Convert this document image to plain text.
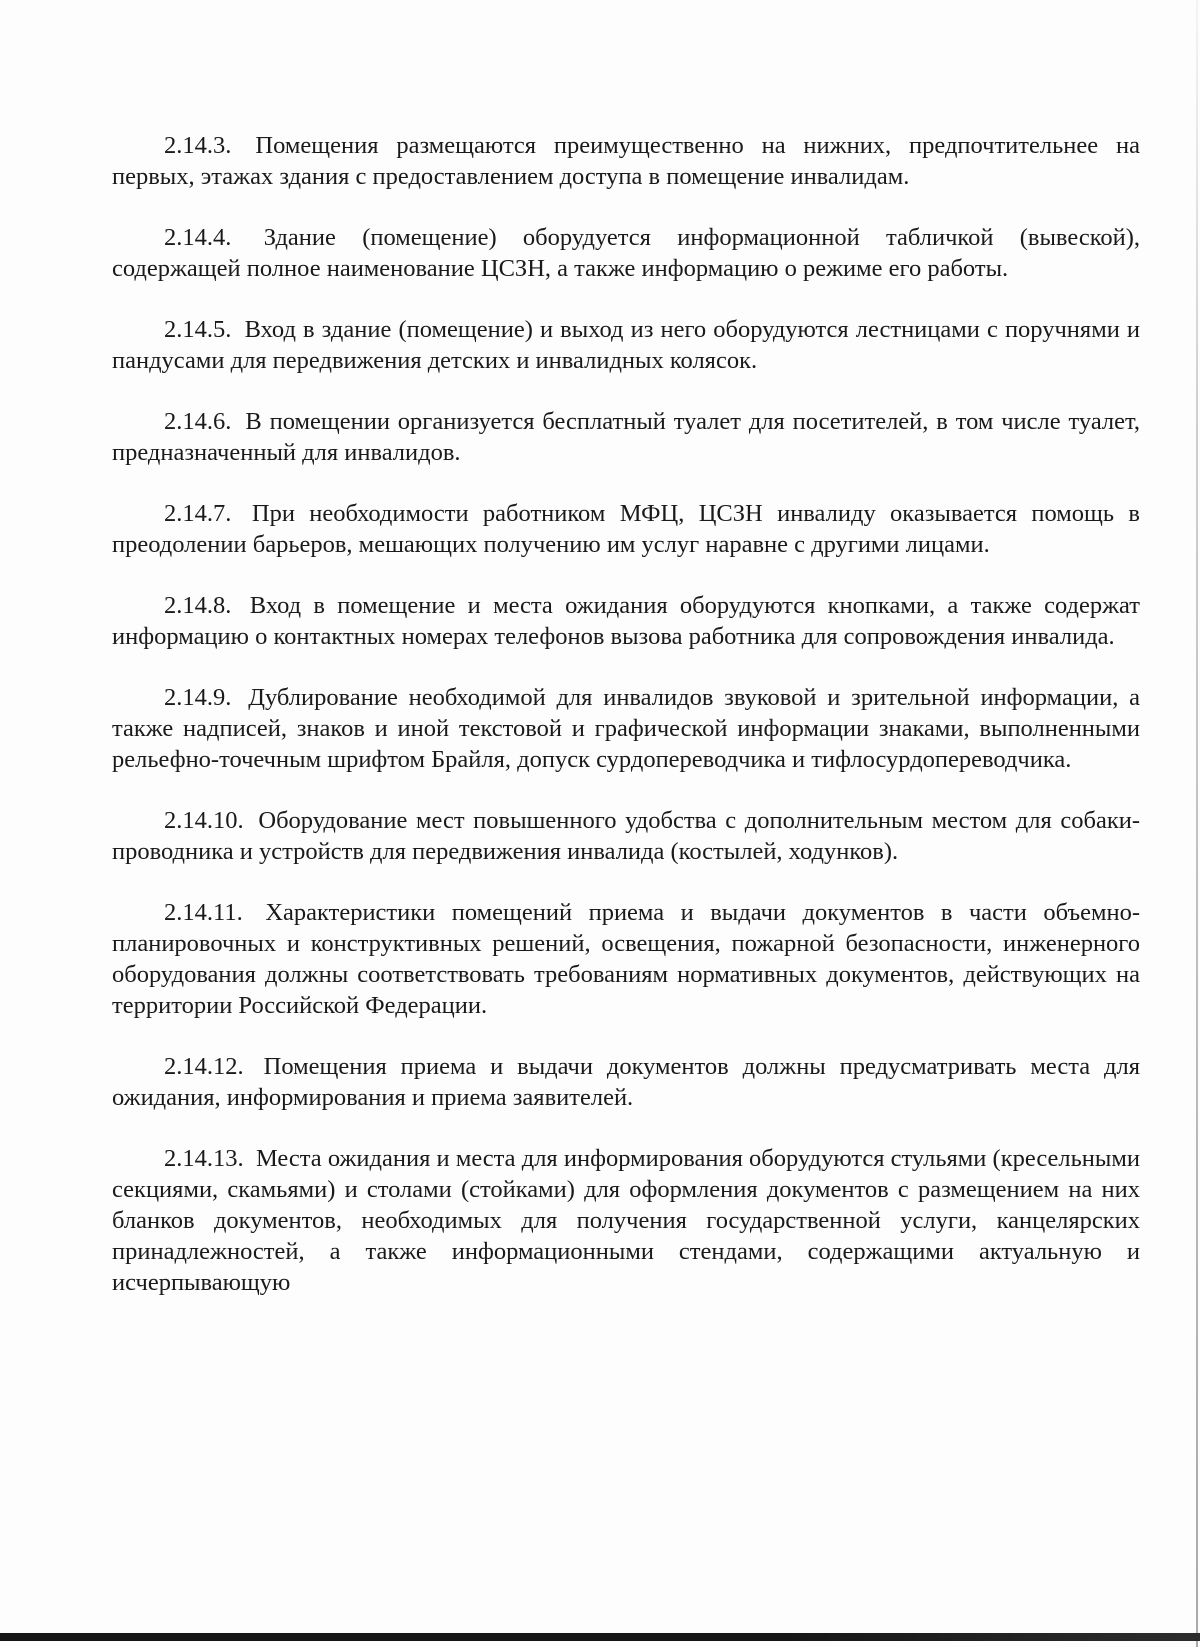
2.14.3. Помещения размещаются преимущественно на нижних, предпочтительнее на первых, этажах здания с предоставлением доступа в помещение инвалидам.

2.14.4. Здание (помещение) оборудуется информационной табличкой (вывеской), содержащей полное наименование ЦСЗН, а также информацию о режиме его работы.

2.14.5. Вход в здание (помещение) и выход из него оборудуются лестницами с поручнями и пандусами для передвижения детских и инвалидных колясок.

2.14.6. В помещении организуется бесплатный туалет для посетителей, в том числе туалет, предназначенный для инвалидов.

2.14.7. При необходимости работником МФЦ, ЦСЗН инвалиду оказывается помощь в преодолении барьеров, мешающих получению им услуг наравне с другими лицами.

2.14.8. Вход в помещение и места ожидания оборудуются кнопками, а также содержат информацию о контактных номерах телефонов вызова работника для сопровождения инвалида.

2.14.9. Дублирование необходимой для инвалидов звуковой и зрительной информации, а также надписей, знаков и иной текстовой и графической информации знаками, выполненными рельефно-точечным шрифтом Брайля, допуск сурдопереводчика и тифлосурдопереводчика.

2.14.10. Оборудование мест повышенного удобства с дополнительным местом для собаки-проводника и устройств для передвижения инвалида (костылей, ходунков).

2.14.11. Характеристики помещений приема и выдачи документов в части объемно-планировочных и конструктивных решений, освещения, пожарной безопасности, инженерного оборудования должны соответствовать требованиям нормативных документов, действующих на территории Российской Федерации.

2.14.12. Помещения приема и выдачи документов должны предусматривать места для ожидания, информирования и приема заявителей.

2.14.13. Места ожидания и места для информирования оборудуются стульями (кресельными секциями, скамьями) и столами (стойками) для оформления документов с размещением на них бланков документов, необходимых для получения государственной услуги, канцелярских принадлежностей, а также информационными стендами, содержащими актуальную и исчерпывающую
